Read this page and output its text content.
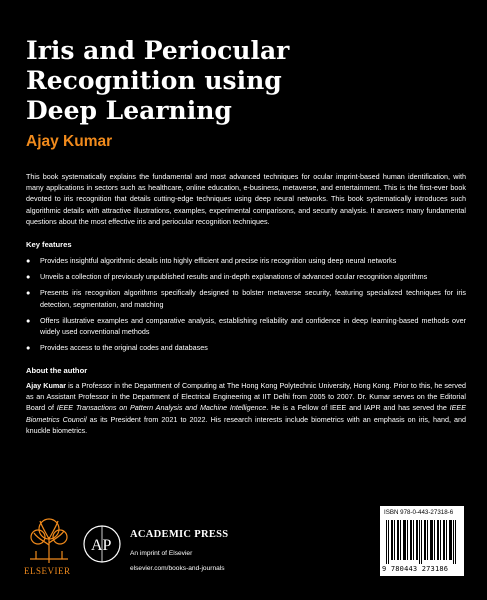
Iris and Periocular
Recognition using
Deep Learning
Ajay Kumar

This book systematically explains the fundamental and most advanced techniques for ocular imprint-based human identification, with many applications in sectors such as healthcare, online education, e-business, metaverse, and entertainment. This is the first-ever book devoted to iris recognition that details cutting-edge techniques using deep neural networks. This book systematically introduces such algorithmic details with attractive illustrations, examples, experimental comparisons, and security analysis. It answers many fundamental questions about the most effective iris and periocular recognition techniques.

Key features
● Provides insightful algorithmic details into highly efficient and precise iris recognition using deep neural networks
● Unveils a collection of previously unpublished results and in-depth explanations of advanced ocular recognition algorithms
● Presents iris recognition algorithms specifically designed to bolster metaverse security, featuring specialized techniques for iris detection, segmentation, and matching
● Offers illustrative examples and comparative analysis, establishing reliability and confidence in deep learning-based methods over widely used conventional methods
● Provides access to the original codes and databases
About the author

Ajay Kumar is a Professor in the Department of Computing at The Hong Kong Polytechnic University, Hong Kong. Prior to this, he served as an Assistant Professor in the Department of Electrical Engineering at IIT Delhi from 2005 to 2007. Dr. Kumar serves on the Editorial Board of IEEE Transactions on Pattern Analysis and Machine Intelligence. He is a Fellow of IEEE and IAPR and has served the IEEE Biometrics Council as its President from 2021 to 2022. His research interests include biometrics with an emphasis on iris, hand, and knuckle biometrics.

ISBN 978-0-443-27318-6
9 780443 273186
ELSEVIER
AP
ACADEMIC PRESS
An imprint of Elsevier
elsevier.com/books-and-journals
